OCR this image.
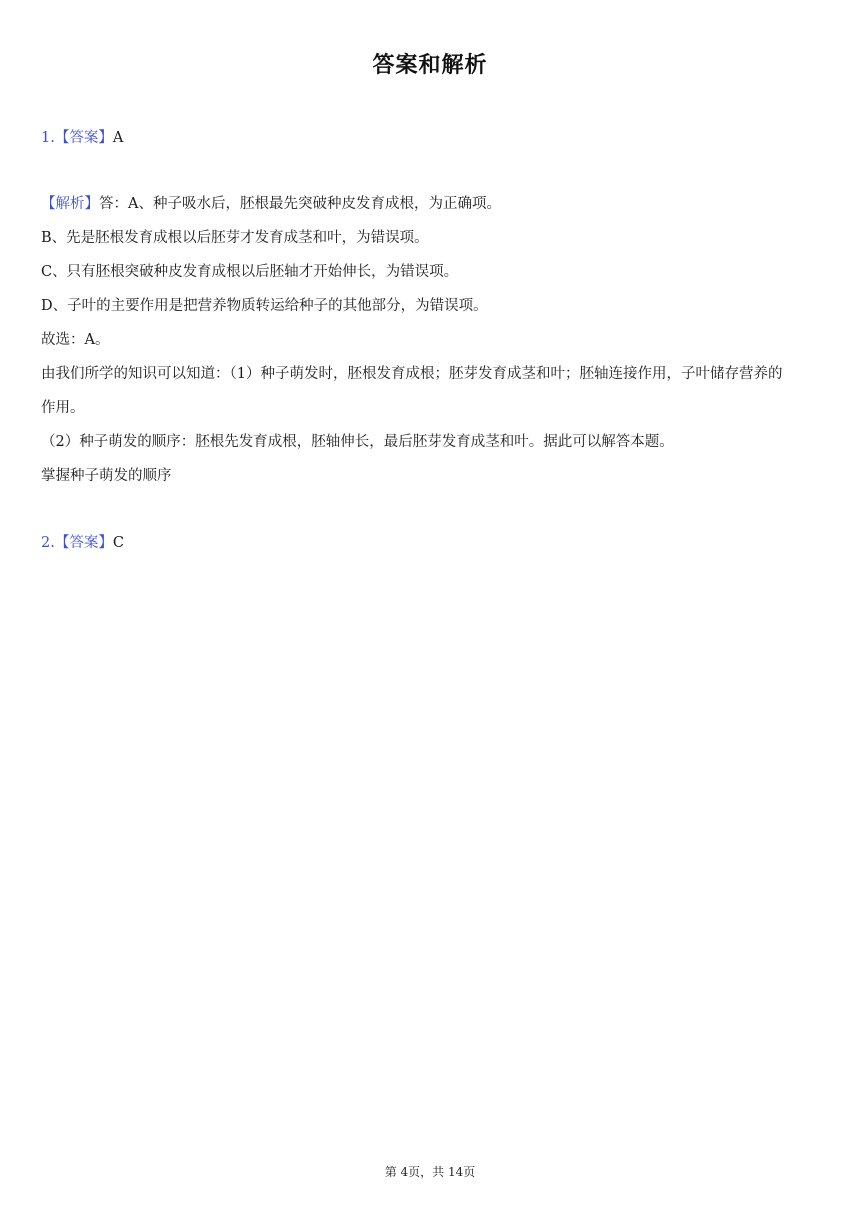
答案和解析
1.【答案】A
【解析】答：A、种子吸水后，胚根最先突破种皮发育成根，为正确项。
B、先是胚根发育成根以后胚芽才发育成茎和叶，为错误项。
C、只有胚根突破种皮发育成根以后胚轴才开始伸长，为错误项。
D、子叶的主要作用是把营养物质转运给种子的其他部分，为错误项。
故选：A。
由我们所学的知识可以知道：（1）种子萌发时，胚根发育成根；胚芽发育成茎和叶；胚轴连接作用，子叶储存营养的
作用。
（2）种子萌发的顺序：胚根先发育成根，胚轴伸长，最后胚芽发育成茎和叶。据此可以解答本题。
掌握种子萌发的顺序
2.【答案】C
第 4页，共 14页
